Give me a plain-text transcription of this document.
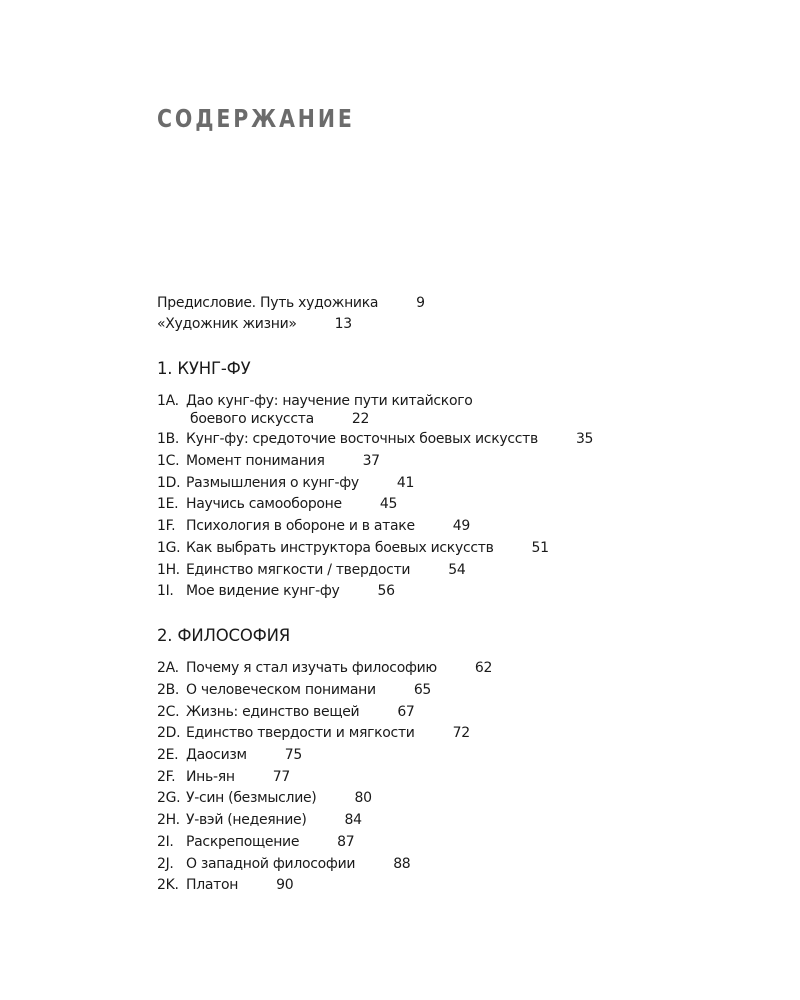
СОДЕРЖАНИЕ
Предисловие. Путь художника	9
«Художник жизни»	13
1. КУНГ-ФУ
1A. Дао кунг-фу: научение пути китайского
боевого искусста	22
1B. Кунг-фу: средоточие восточных боевых искусств	35
1C. Момент понимания	37
1D. Размышления о кунг-фу	41
1E. Научись самообороне	45
1F. Психология в обороне и в атаке	49
1G. Как выбрать инструктора боевых искусств	51
1H. Единство мягкости / твердости	54
1I. Мое видение кунг-фу	56
2. ФИЛОСОФИЯ
2A. Почему я стал изучать философию	62
2B. О человеческом понимани	65
2C. Жизнь: единство вещей	67
2D. Единство твердости и мягкости	72
2E. Даосизм	75
2F. Инь-ян	77
2G. У-син (безмыслие)	80
2H. У-вэй (недеяние)	84
2I. Раскрепощение	87
2J. О западной философии	88
2K. Платон	90
